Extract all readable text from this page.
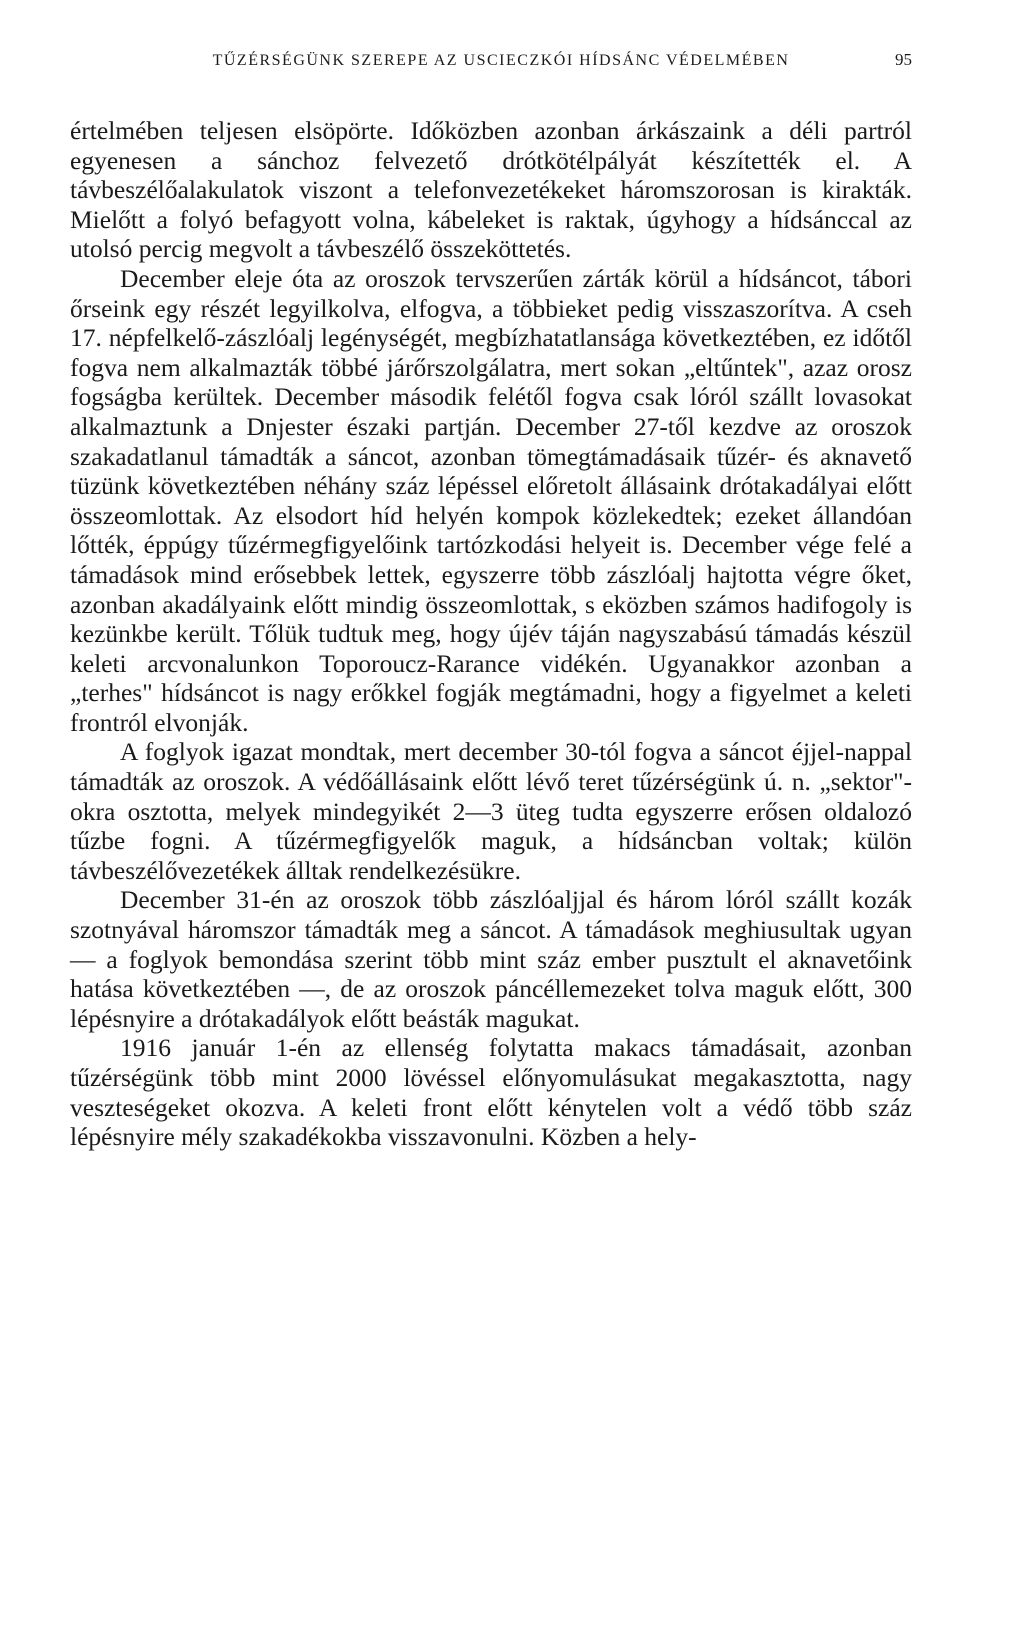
TŰZÉRSÉGÜNK SZEREPE AZ USCIECZKÓI HÍDSÁNC VÉDELMÉBEN	95

értelmében teljesen elsöpörte. Időközben azonban árkászaink a déli partról egyenesen a sánchoz felvezető drótkötélpályát készítették el. A távbeszélőalakulatok viszont a telefonvezetékeket háromszorosan is kirakták. Mielőtt a folyó befagyott volna, kábeleket is raktak, úgyhogy a hídsánccal az utolsó percig megvolt a távbeszélő összeköttetés.

December eleje óta az oroszok tervszerűen zárták körül a hídsáncot, tábori őrseink egy részét legyilkolva, elfogva, a többieket pedig visszaszorítva. A cseh 17. népfelkelő-zászlóalj legénységét, megbízhatatlansága következtében, ez időtől fogva nem alkalmazták többé járőrszolgálatra, mert sokan „eltűntek", azaz orosz fogságba kerültek. December második felétől fogva csak lóról szállt lovasokat alkalmaztunk a Dnjester északi partján. December 27-től kezdve az oroszok szakadatlanul támadták a sáncot, azonban tömegtámadásaik tűzér- és aknavető tüzünk következtében néhány száz lépéssel előretolt állásaink drótakadályai előtt összeomlottak. Az elsodort híd helyén kompok közlekedtek; ezeket állandóan lőtték, éppúgy tűzérmegfigyelőink tartózkodási helyeit is. December vége felé a támadások mind erősebbek lettek, egyszerre több zászlóalj hajtotta végre őket, azonban akadályaink előtt mindig összeomlottak, s eközben számos hadifogoly is kezünkbe került. Tőlük tudtuk meg, hogy újév táján nagyszabású támadás készül keleti arcvonalunkon Toporoucz-Rarance vidékén. Ugyanakkor azonban a „terhes" hídsáncot is nagy erőkkel fogják megtámadni, hogy a figyelmet a keleti frontról elvonják.

A foglyok igazat mondtak, mert december 30-tól fogva a sáncot éjjel-nappal támadták az oroszok. A védőállásaink előtt lévő teret tűzérségünk ú. n. „sektor"-okra osztotta, melyek mindegyikét 2—3 üteg tudta egyszerre erősen oldalozó tűzbe fogni. A tűzérmegfigyelők maguk, a hídsáncban voltak; külön távbeszélővezetékek álltak rendelkezésükre.

December 31-én az oroszok több zászlóaljjal és három lóról szállt kozák szotnyával háromszor támadták meg a sáncot. A támadások meghiusultak ugyan — a foglyok bemondása szerint több mint száz ember pusztult el aknavetőink hatása következtében —, de az oroszok páncéllemezeket tolva maguk előtt, 300 lépésnyire a drótakadályok előtt beásták magukat.

1916 január 1-én az ellenség folytatta makacs támadásait, azonban tűzérségünk több mint 2000 lövéssel előnyomulásukat megakasztotta, nagy veszteségeket okozva. A keleti front előtt kénytelen volt a védő több száz lépésnyire mély szakadékokba visszavonulni. Közben a hely-
